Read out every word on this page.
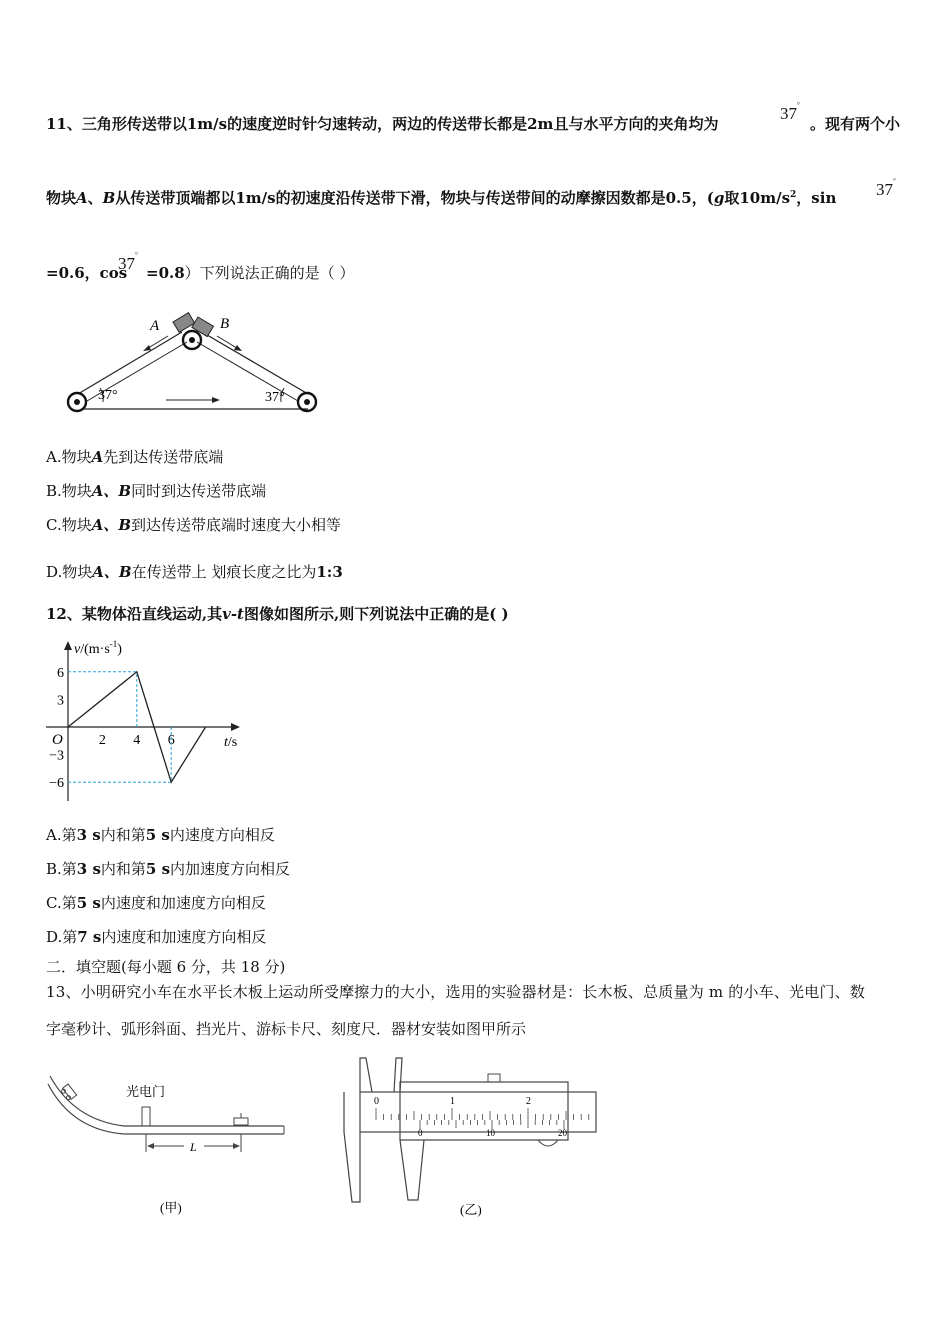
11、三角形传送带以1m/s的速度逆时针匀速转动，两边的传送带长都是2m且与水平方向的夹角均为
37°
。现有两个小
物块A、B从传送带顶端都以1m/s的初速度沿传送带下滑，物块与传送带间的动摩擦因数都是0.5，(g取$10m/s^2$，sin 37°
=0.6，cos
37°
=0.8）下列说法正确的是（ ）
A	B
37°	37°
A.物块A先到达传送带底端
B.物块A、B同时到达传送带底端
C.物块A、B到达传送带底端时速度大小相等
D.物块A、B在传送带上 划痕长度之比为1:3
12、某物体沿直线运动,其v-t图像如图所示,则下列说法中正确的是( )
$v/(m\cdot s^{-1})$
t/s
O
6
3
−3
−6
2 4 6
A.第3 s内和第5 s内速度方向相反
B.第3 s内和第5 s内加速度方向相反
C.第5 s内速度和加速度方向相反
D.第7 s内速度和加速度方向相反
二．填空题(每小题 6 分，共 18 分)
13、小明研究小车在水平长木板上运动所受摩擦力的大小，选用的实验器材是：长木板、总质量为 m 的小车、光电门、数
字毫秒计、弧形斜面、挡光片、游标卡尺、刻度尺．器材安装如图甲所示
光电门
L
(甲)
0	1	2
0	10	20
(乙)
